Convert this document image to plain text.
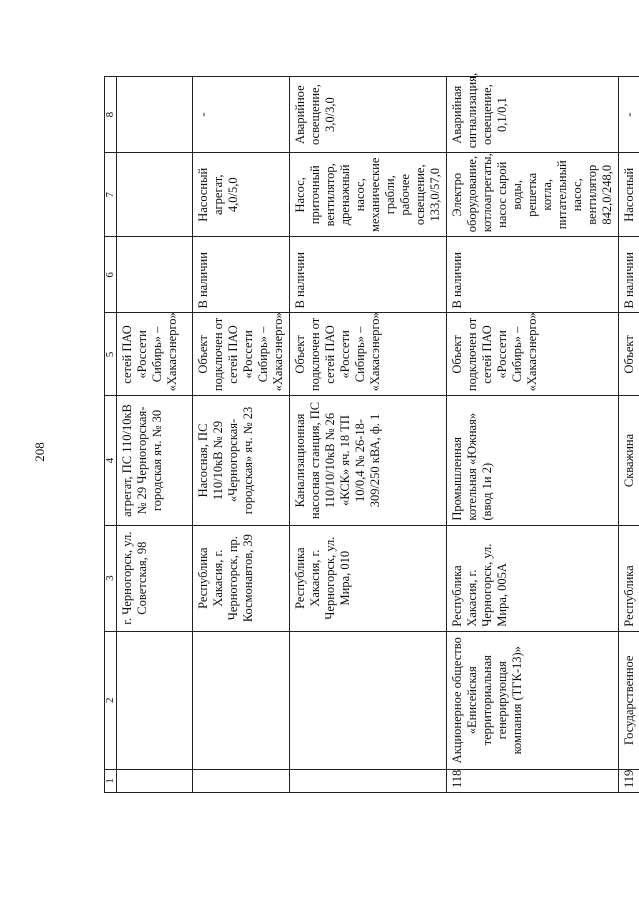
208
1	2	3	4	5	6	7	8
		г. Черногорск, ул. Советская, 98	агрегат, ПС 110/10кВ № 29 Черногорская-городская яч. № 30	сетей ПАО «Россети Сибирь» – «Хакасэнерго»			
		Республика Хакасия, г. Черногорск, пр. Космонавтов, 39	Насосная, ПС 110/10кВ № 29 «Черногорская-городская» яч. № 23	Объект подключен от сетей ПАО «Россети Сибирь» – «Хакасэнерго»	В наличии	Насосный агрегат, 4,0/5,0	-
		Республика Хакасия, г. Черногорск, ул. Мира, 010	Канализационная насосная станция, ПС 110/10/10кВ № 26 «КСК» яч. 18 ТП 10/0,4 № 26-18-309/250 кВА, ф. 1	Объект подключен от сетей ПАО «Россети Сибирь» – «Хакасэнерго»	В наличии	Насос, приточный вентилятор, дренажный насос, механические грабли, рабочее освещение, 133,0/57,0	Аварийное освещение, 3,0/3,0
118	Акционерное общество «Енисейская территориальная генерирующая компания (ТГК-13)»	Республика Хакасия, г. Черногорск, ул. Мира, 005А	Промышленная котельная «Южная» (ввод 1и 2)	Объект подключен от сетей ПАО «Россети Сибирь» – «Хакасэнерго»	В наличии	Электро оборудование, котлоагрегаты, насос сырой воды, решетка котла, питательный насос, вентилятор 842,0/248,0	Аварийная сигнализация, освещение, 0,1/0,1
119	Государственное	Республика	Скважина	Объект	В наличии	Насосный	-
